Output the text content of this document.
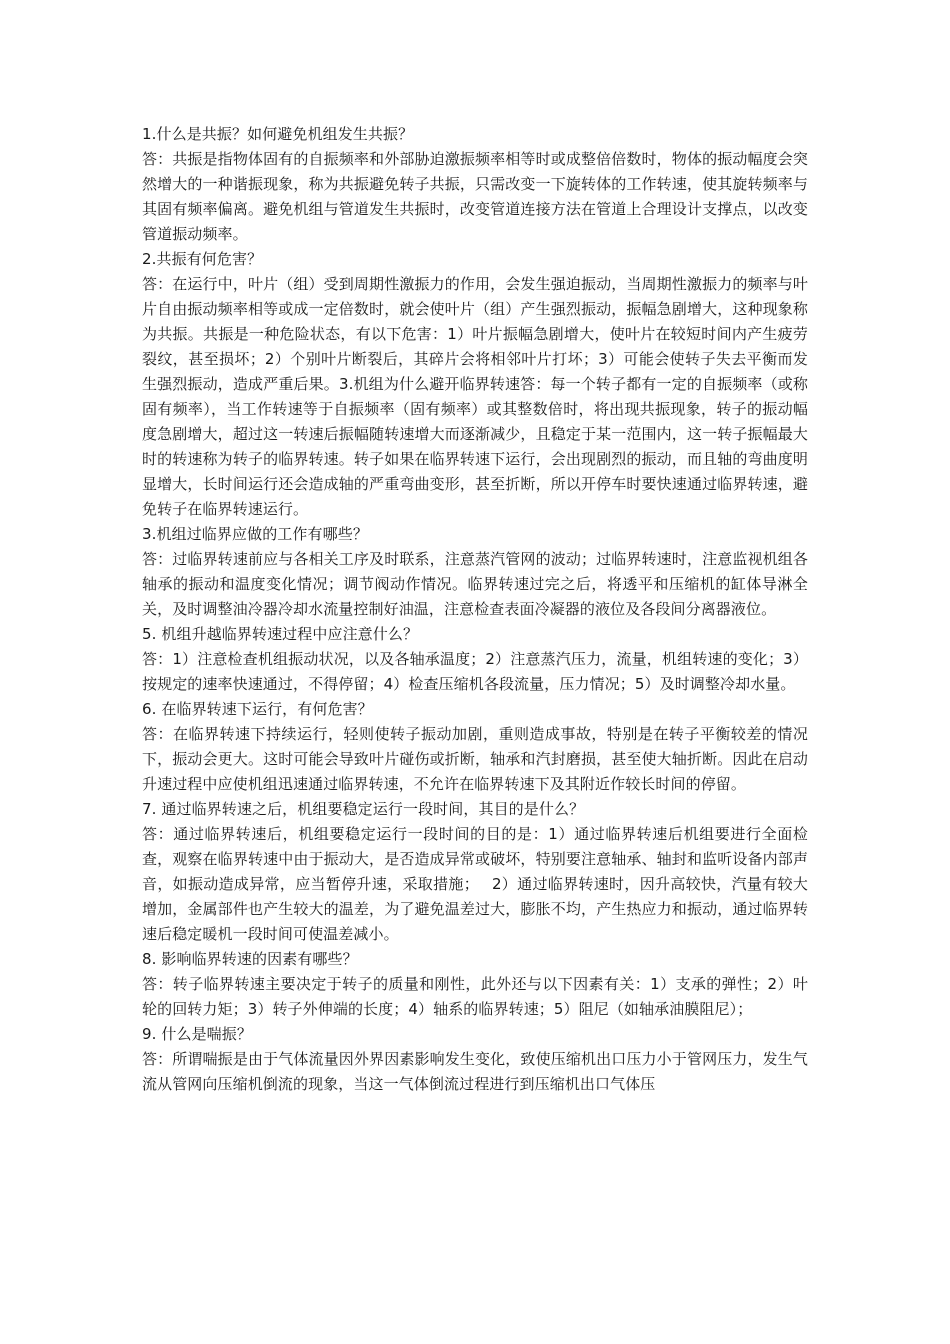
1.什么是共振？如何避免机组发生共振？

答：共振是指物体固有的自振频率和外部胁迫激振频率相等时或成整倍倍数时，物体的振动幅度会突然增大的一种谐振现象，称为共振避免转子共振，只需改变一下旋转体的工作转速，使其旋转频率与其固有频率偏离。避免机组与管道发生共振时，改变管道连接方法在管道上合理设计支撑点，以改变管道振动频率。

2.共振有何危害？

答：在运行中，叶片（组）受到周期性激振力的作用，会发生强迫振动，当周期性激振力的频率与叶片自由振动频率相等或成一定倍数时，就会使叶片（组）产生强烈振动，振幅急剧增大，这种现象称为共振。共振是一种危险状态，有以下危害：1）叶片振幅急剧增大，使叶片在较短时间内产生疲劳裂纹，甚至损坏；2）个别叶片断裂后，其碎片会将相邻叶片打坏；3）可能会使转子失去平衡而发生强烈振动，造成严重后果。3.机组为什么避开临界转速答：每一个转子都有一定的自振频率（或称固有频率），当工作转速等于自振频率（固有频率）或其整数倍时，将出现共振现象，转子的振动幅度急剧增大，超过这一转速后振幅随转速增大而逐渐减少，且稳定于某一范围内，这一转子振幅最大时的转速称为转子的临界转速。转子如果在临界转速下运行，会出现剧烈的振动，而且轴的弯曲度明显增大，长时间运行还会造成轴的严重弯曲变形，甚至折断，所以开停车时要快速通过临界转速，避免转子在临界转速运行。

3.机组过临界应做的工作有哪些？

答：过临界转速前应与各相关工序及时联系，注意蒸汽管网的波动；过临界转速时，注意监视机组各轴承的振动和温度变化情况；调节阀动作情况。临界转速过完之后，将透平和压缩机的缸体导淋全关，及时调整油冷器冷却水流量控制好油温，注意检查表面冷凝器的液位及各段间分离器液位。

5. 机组升越临界转速过程中应注意什么？

答：1）注意检查机组振动状况，以及各轴承温度；2）注意蒸汽压力，流量，机组转速的变化；3）按规定的速率快速通过，不得停留；4）检查压缩机各段流量，压力情况；5）及时调整冷却水量。

6. 在临界转速下运行，有何危害？

答：在临界转速下持续运行，轻则使转子振动加剧，重则造成事故，特别是在转子平衡较差的情况下，振动会更大。这时可能会导致叶片碰伤或折断，轴承和汽封磨损，甚至使大轴折断。因此在启动升速过程中应使机组迅速通过临界转速，不允许在临界转速下及其附近作较长时间的停留。

7. 通过临界转速之后，机组要稳定运行一段时间，其目的是什么？

答：通过临界转速后，机组要稳定运行一段时间的目的是：1）通过临界转速后机组要进行全面检查，观察在临界转速中由于振动大，是否造成异常或破坏，特别要注意轴承、轴封和监听设备内部声音，如振动造成异常，应当暂停升速，采取措施；　 2）通过临界转速时，因升高较快，汽量有较大增加，金属部件也产生较大的温差，为了避免温差过大，膨胀不均，产生热应力和振动，通过临界转速后稳定暖机一段时间可使温差减小。

8. 影响临界转速的因素有哪些？

答：转子临界转速主要决定于转子的质量和刚性，此外还与以下因素有关：1）支承的弹性；2）叶轮的回转力矩；3）转子外伸端的长度；4）轴系的临界转速；5）阻尼（如轴承油膜阻尼）；

9. 什么是喘振？

答：所谓喘振是由于气体流量因外界因素影响发生变化，致使压缩机出口压力小于管网压力，发生气流从管网向压缩机倒流的现象，当这一气体倒流过程进行到压缩机出口气体压
